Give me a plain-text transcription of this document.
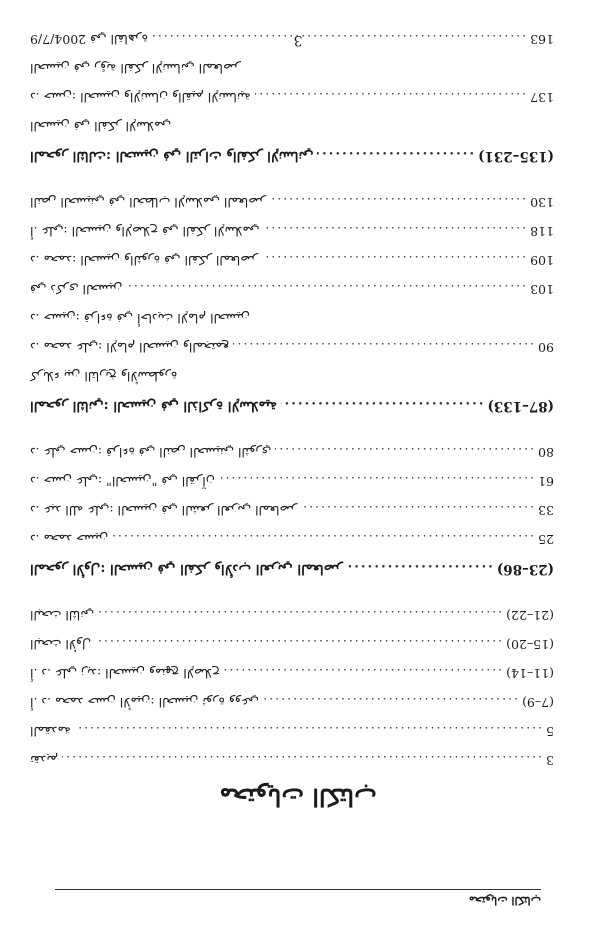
محتويات الكتاب
محتويات الكتاب
3
.....
تقديم
5
.....
المقدمة
(7–9)
.....
أ. د. محمد حسن الأمين: الحسين ثورة ووعي
(11–14)
.....
أ. د. علي زيد: الحسين ومنهج الإصلاح
(15–20)
.....
البحث الأول
(21–22)
.....
البحث الثاني
(23–86)
.....
المحور الأول: الحسين في الفكر والأدب العربي المعاصر
25
.....
د. محمد حسين
33
.....
د. عبد الله علي: الحسين في الشعر العربي المعاصر
61
.....
د. حسن علي: "الحسين" في القرآن
80
.....
د. علي حسن: قراءة في النص الحسيني الثوري
(87–133)
.....
المحور الثاني: الحسين في الذاكرة الإسلامية
كربلاء بين التاريخ والأسطورة
90
.....
د. محمد علي: الإمام الحسين والمجتمع
د. حسين: قراءة في أحاديث الإمام الحسين
103
.....
في ذكرى الحسين
109
.....
د. محمد: الحسين والثورة في الفكر المعاصر
118
.....
أ. علي: الحسين والإصلاح في الفكر الإسلامي
130
.....
النص الحسيني في الخطاب الإسلامي المعاصر
(135–231)
.....
المحور الثالث: الحسين في التراث والفكر الإنساني
الحسين في الفكر الإسلامي
137
.....
د. حسن: الحسين والإنسان والقيم الإنسانية
الحسين في رؤية الفكر الإنساني المعاصر
163
.....
2004/7/9 في القاهرة	3
